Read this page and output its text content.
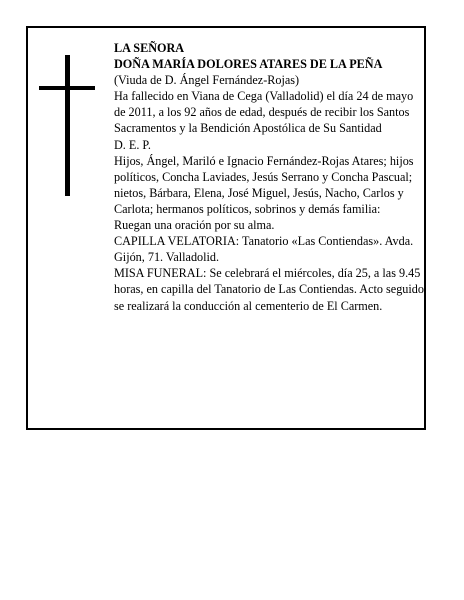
LA SEÑORA

DOÑA MARÍA DOLORES ATARES DE LA PEÑA

(Viuda de D. Ángel Fernández-Rojas)

Ha fallecido en Viana de Cega (Valladolid) el día 24 de mayo de 2011, a los 92 años de edad, después de recibir los Santos Sacramentos y la Bendición Apostólica de Su Santidad

D. E. P.

Hijos, Ángel, Mariló e Ignacio Fernández-Rojas Atares; hijos políticos, Concha Laviades, Jesús Serrano y Concha Pascual; nietos, Bárbara, Elena, José Miguel, Jesús, Nacho, Carlos y Carlota; hermanos políticos, sobrinos y demás familia:

Ruegan una oración por su alma.

CAPILLA VELATORIA: Tanatorio «Las Contiendas». Avda. Gijón, 71. Valladolid.

MISA FUNERAL: Se celebrará el miércoles, día 25, a las 9.45 horas, en capilla del Tanatorio de Las Contiendas. Acto seguido se realizará la conducción al cementerio de El Carmen.
